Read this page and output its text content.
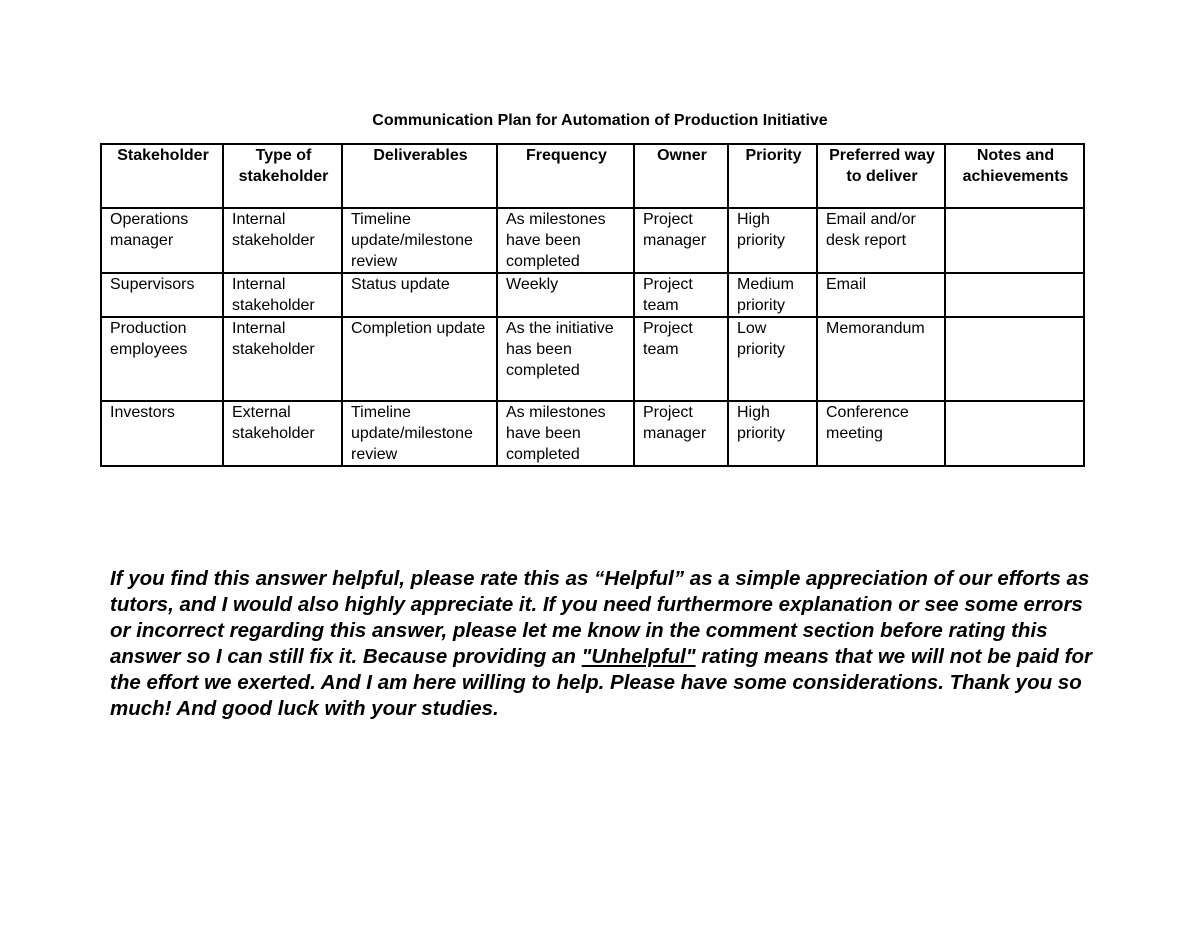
Communication Plan for Automation of Production Initiative
Stakeholder	Type of stakeholder	Deliverables	Frequency	Owner	Priority	Preferred way to deliver	Notes and achievements
Operations manager	Internal stakeholder	Timeline update/milestone review	As milestones have been completed	Project manager	High priority	Email and/or desk report	
Supervisors	Internal stakeholder	Status update	Weekly	Project team	Medium priority	Email	
Production employees	Internal stakeholder	Completion update	As the initiative has been completed	Project team	Low priority	Memorandum	
Investors	External stakeholder	Timeline update/milestone review	As milestones have been completed	Project manager	High priority	Conference meeting	

If you find this answer helpful, please rate this as “Helpful” as a simple appreciation of our efforts as tutors, and I would also highly appreciate it. If you need furthermore explanation or see some errors or incorrect regarding this answer, please let me know in the comment section before rating this answer so I can still fix it. Because providing an "Unhelpful" rating means that we will not be paid for the effort we exerted. And I am here willing to help. Please have some considerations. Thank you so much! And good luck with your studies.
